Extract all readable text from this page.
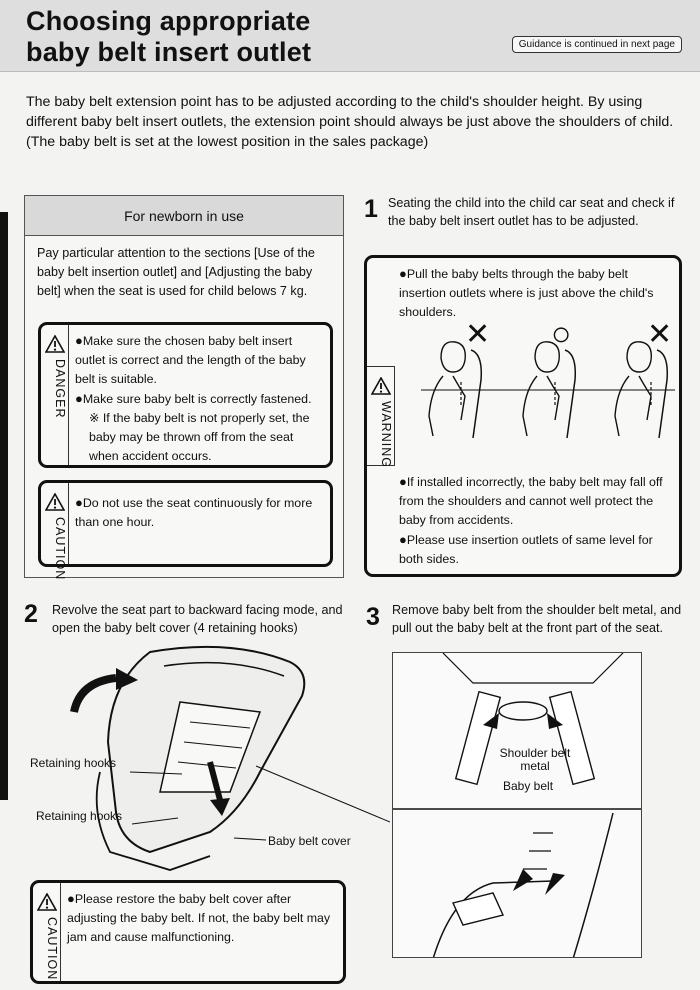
Choosing appropriate
baby belt insert outlet	Guidance is continued in next page
The baby belt extension point has to be adjusted according to the child's shoulder height. By using different baby belt insert outlets, the extension point should always be just above the shoulders of child. (The baby belt is set at the lowest position in the sales package)
For newborn in use
Pay particular attention to the sections [Use of the baby belt insertion outlet] and [Adjusting the baby belt] when the seat is used for child belows 7 kg.
DANGER

●Make sure the chosen baby belt insert outlet is correct and the length of the baby belt is suitable.

●Make sure baby belt is correctly fastened.

※ If the baby belt is not properly set, the baby may be thrown off from the seat when accident occurs.

CAUTION

●Do not use the seat continuously for more than one hour.

1 Seating the child into the child car seat and check if the baby belt insert outlet has to be adjusted.
WARNING

●Pull the baby belts through the baby belt insertion outlets where is just above the child's shoulders.

✕ ○	✕

●If installed incorrectly, the baby belt may fall off from the shoulders and cannot well protect the baby from accidents.

●Please use insertion outlets of same level for both sides.

2 Revolve the seat part to backward facing mode, and open the baby belt cover (4 retaining hooks)
Retaining hooks
Retaining hooks
Baby belt cover
3 Remove baby belt from the shoulder belt metal, and pull out the baby belt at the front part of the seat.
Shoulder belt
metal
Baby belt
CAUTION

●Please restore the baby belt cover after adjusting the baby belt. If not, the baby belt may jam and cause malfunctioning.
